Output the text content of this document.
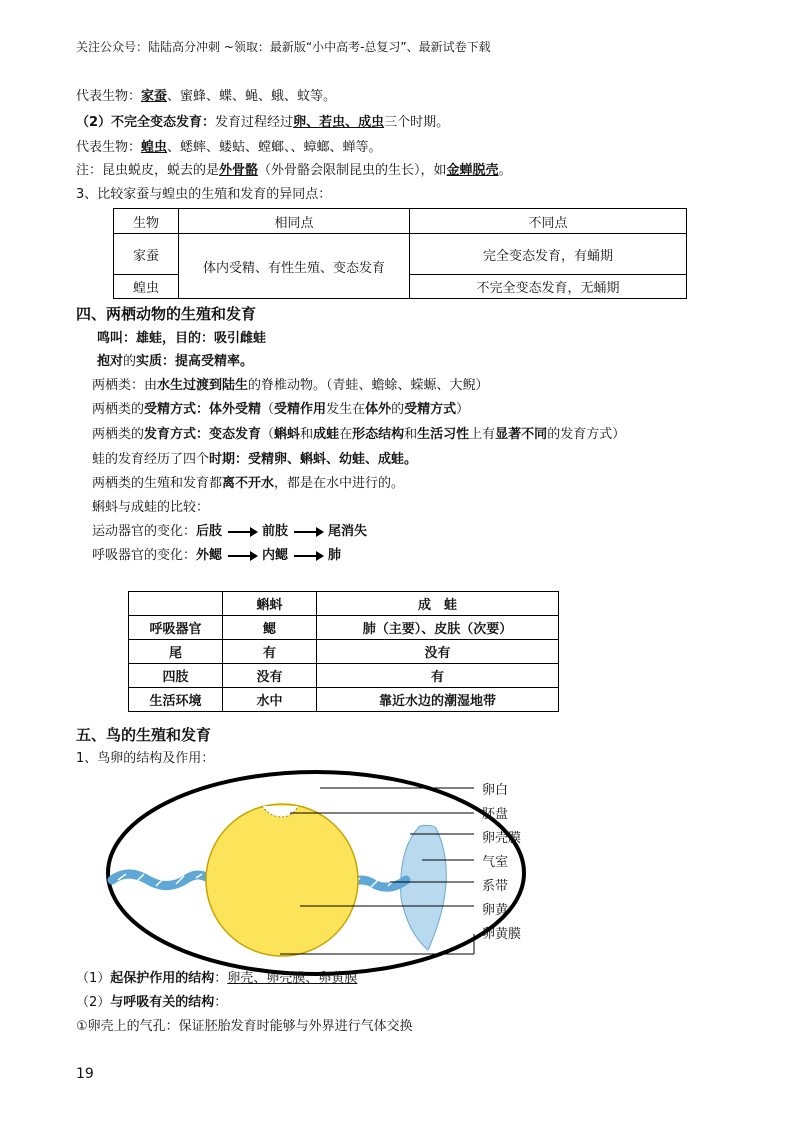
关注公众号：陆陆高分冲刺 ~领取：最新版“小中高考-总复习”、最新试卷下载
代表生物：家蚕、蜜蜂、蝶、蝇、蛾、蚊等。
（2）不完全变态发育：发育过程经过卵、若虫、成虫三个时期。
代表生物：蝗虫、蟋蟀、蝼蛄、螳螂、、蟑螂、蝉等。
注：昆虫蜕皮，蜕去的是外骨骼（外骨骼会限制昆虫的生长），如金蝉脱壳。
3、比较家蚕与蝗虫的生殖和发育的异同点：
生物	相同点	不同点
家蚕	体内受精、有性生殖、变态发育	完全变态发育，有蛹期
蝗虫		不完全变态发育，无蛹期
四、两栖动物的生殖和发育
鸣叫：雄蛙，目的：吸引雌蛙
抱对的实质：提高受精率。
两栖类：由水生过渡到陆生的脊椎动物。（青蛙、蟾蜍、蝾螈、大鲵）
两栖类的受精方式：体外受精（受精作用发生在体外的受精方式）
两栖类的发育方式：变态发育（蝌蚪和成蛙在形态结构和生活习性上有显著不同的发育方式）
蛙的发育经历了四个时期：受精卵、蝌蚪、幼蛙、成蛙。
两栖类的生殖和发育都离不开水，都是在水中进行的。
蝌蚪与成蛙的比较：
运动器官的变化：后肢	前肢	尾消失
呼吸器官的变化：外鳃	内鳃	肺
	蝌蚪	成　蛙
呼吸器官	鳃	肺（主要）、皮肤（次要）
尾	有	没有
四肢	没有	有
生活环境	水中	靠近水边的潮湿地带
五、鸟的生殖和发育
1、鸟卵的结构及作用：
卵白
胚盘
卵壳膜
气室
系带
卵黄
卵黄膜
（1）起保护作用的结构：卵壳、卵壳膜、卵黄膜
（2）与呼吸有关的结构：
①卵壳上的气孔：保证胚胎发育时能够与外界进行气体交换
19
